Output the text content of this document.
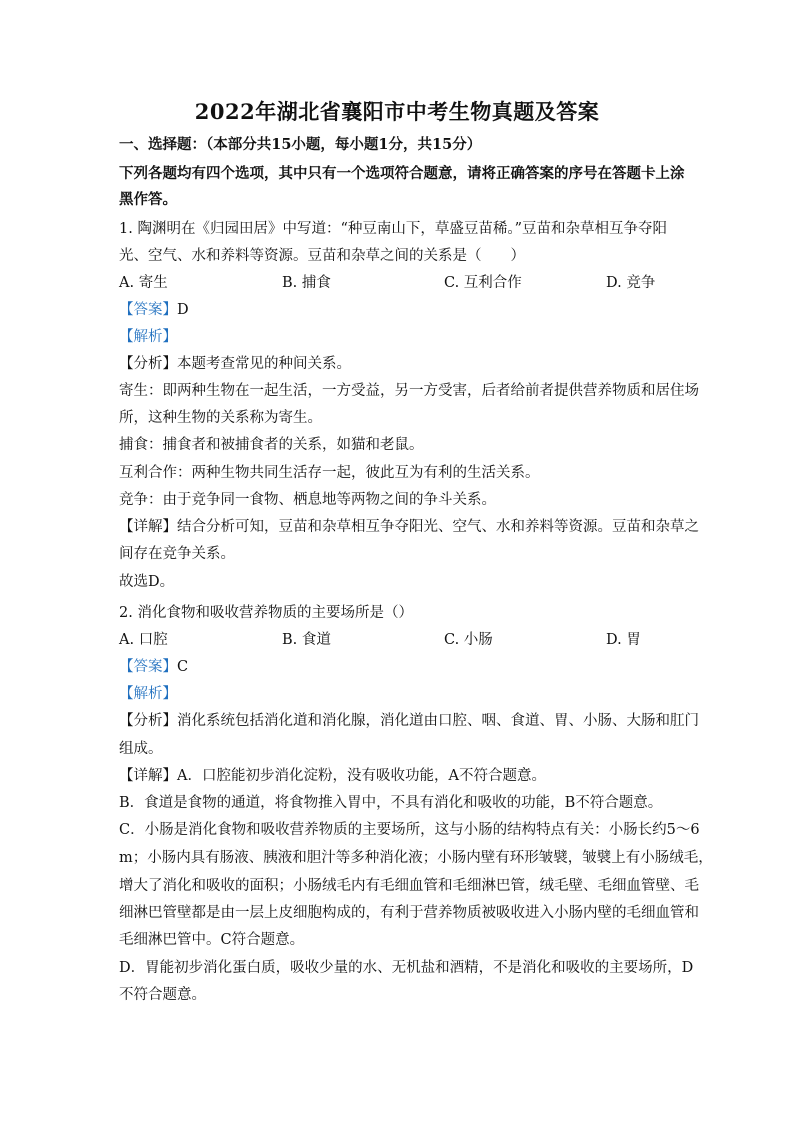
2022年湖北省襄阳市中考生物真题及答案
一、选择题：（本部分共15小题，每小题1分，共15分）
下列各题均有四个选项，其中只有一个选项符合题意，请将正确答案的序号在答题卡上涂
黑作答。
1. 陶渊明在《归园田居》中写道：“种豆南山下，草盛豆苗稀。”豆苗和杂草相互争夺阳
光、空气、水和养料等资源。豆苗和杂草之间的关系是（　　）
A. 寄生	B. 捕食	C. 互利合作	D. 竞争
【答案】D
【解析】
【分析】本题考查常见的种间关系。
寄生：即两种生物在一起生活，一方受益，另一方受害，后者给前者提供营养物质和居住场
所，这种生物的关系称为寄生。
捕食：捕食者和被捕食者的关系，如猫和老鼠。
互利合作：两种生物共同生活存一起，彼此互为有利的生活关系。
竞争：由于竞争同一食物、栖息地等两物之间的争斗关系。
【详解】结合分析可知，豆苗和杂草相互争夺阳光、空气、水和养料等资源。豆苗和杂草之
间存在竞争关系。
故选D。
2. 消化食物和吸收营养物质的主要场所是（）
A. 口腔	B. 食道	C. 小肠	D. 胃
【答案】C
【解析】
【分析】消化系统包括消化道和消化腺，消化道由口腔、咽、食道、胃、小肠、大肠和肛门
组成。
【详解】A．口腔能初步消化淀粉，没有吸收功能，A不符合题意。
B．食道是食物的通道，将食物推入胃中，不具有消化和吸收的功能，B不符合题意。
C．小肠是消化食物和吸收营养物质的主要场所，这与小肠的结构特点有关：小肠长约5～6
m；小肠内具有肠液、胰液和胆汁等多种消化液；小肠内壁有环形皱襞，皱襞上有小肠绒毛，
增大了消化和吸收的面积；小肠绒毛内有毛细血管和毛细淋巴管，绒毛壁、毛细血管壁、毛
细淋巴管壁都是由一层上皮细胞构成的，有利于营养物质被吸收进入小肠内壁的毛细血管和
毛细淋巴管中。C符合题意。
D．胃能初步消化蛋白质，吸收少量的水、无机盐和酒精，不是消化和吸收的主要场所，D
不符合题意。
